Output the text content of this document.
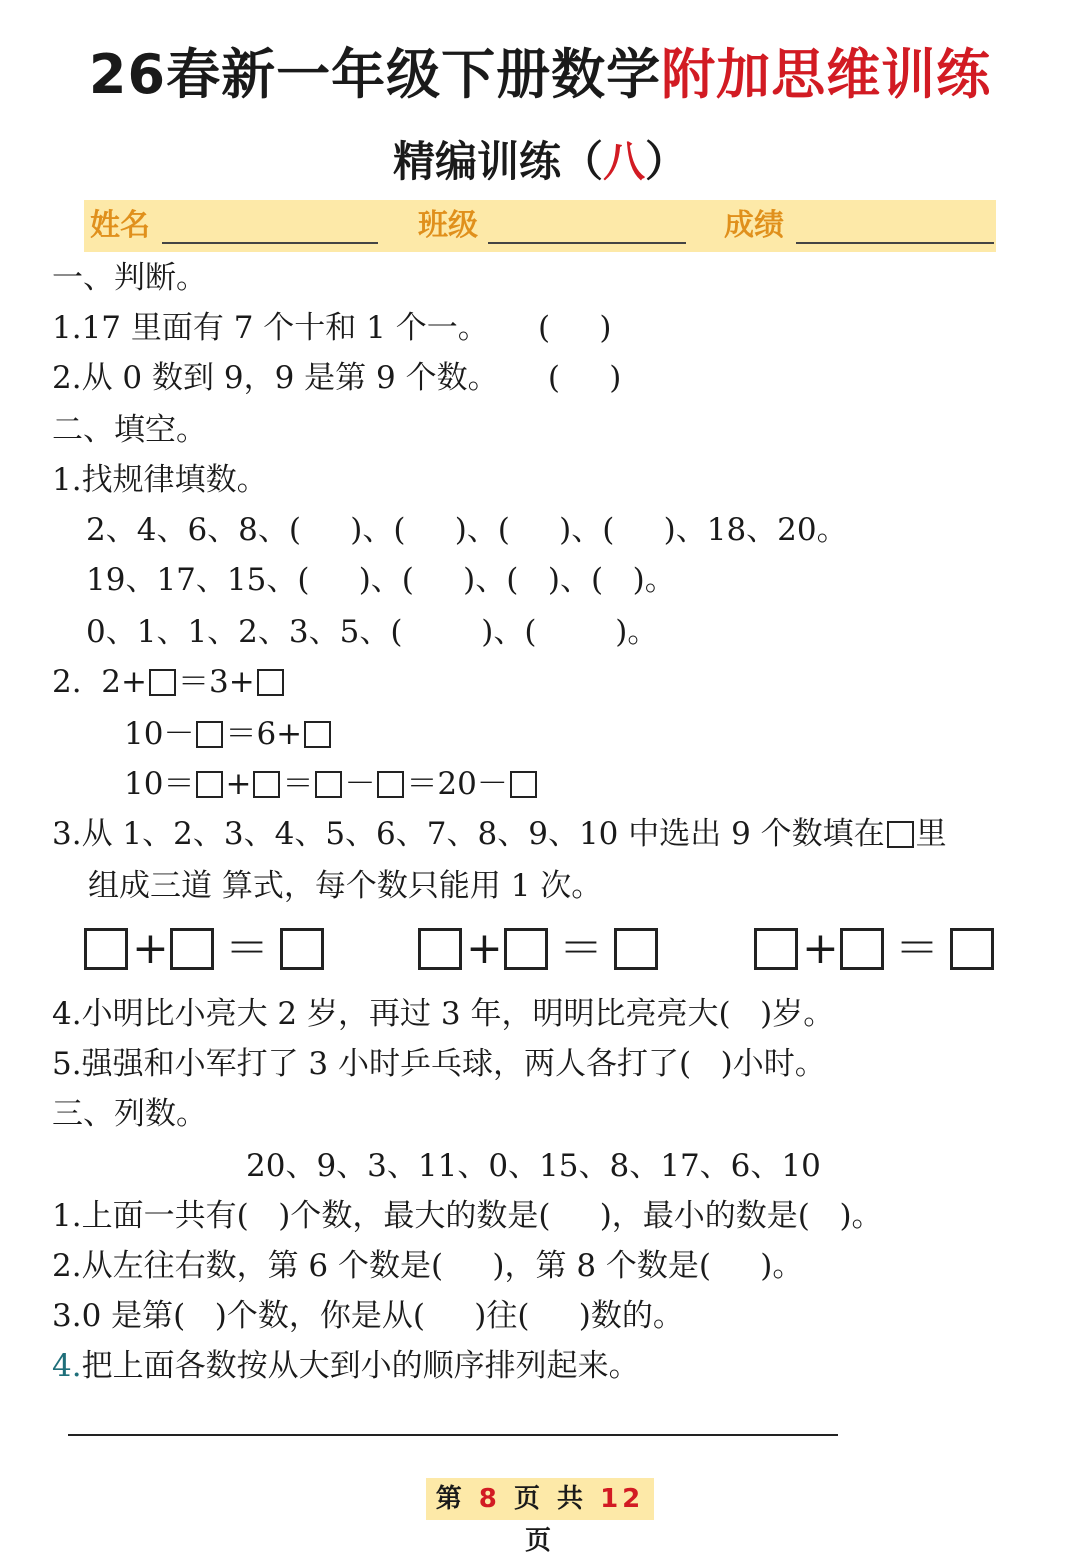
26春新一年级下册数学附加思维训练
精编训练（八）
姓名	班级	成绩
一、判断。
1.17 里面有 7 个十和 1 个一。     (     )
2.从 0 数到 9，9 是第 9 个数。     (     )
二、填空。
1.找规律填数。
2、4、6、8、(     )、(     )、(     )、(     )、18、20。
19、17、15、(     )、(     )、(   )、(   )。
0、1、1、2、3、5、(        )、(        )。
2. 2+ ＝3+
10－ ＝6+
10＝ + ＝ － ＝20－
3.从 1、2、3、4、5、6、7、8、9、10 中选出 9 个数填在 里
组成三道 算式，每个数只能用 1 次。
+ ＝	+ ＝	+ ＝
4.小明比小亮大 2 岁，再过 3 年，明明比亮亮大(   )岁。
5.强强和小军打了 3 小时乒乓球，两人各打了(   )小时。
三、列数。
20、9、3、11、0、15、8、17、6、10
1.上面一共有(   )个数，最大的数是(     )，最小的数是(   )。
2.从左往右数，第 6 个数是(     )，第 8 个数是(     )。
3.0 是第(   )个数，你是从(     )往(     )数的。
4.把上面各数按从大到小的顺序排列起来。
第 8 页 共 12 页
